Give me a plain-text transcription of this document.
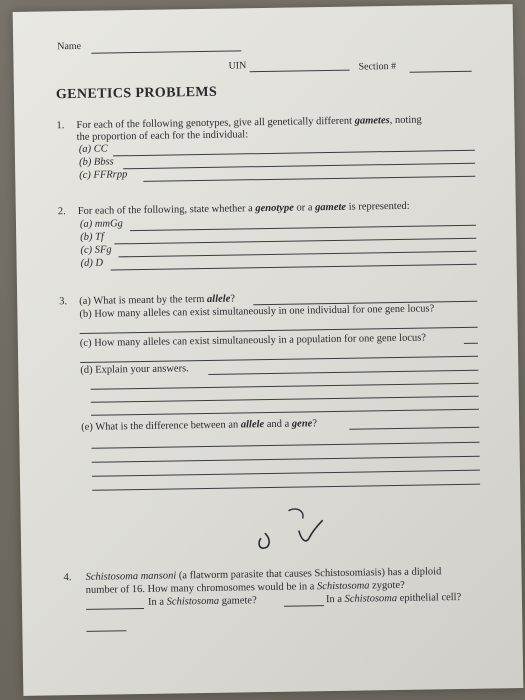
Name
UIN	Section #
GENETICS PROBLEMS
1. For each of the following genotypes, give all genetically different gametes, noting
the proportion of each for the individual:
(a) CC
(b) Bbss
(c) FFRrpp
2. For each of the following, state whether a genotype or a gamete is represented:
(a) mmGg
(b) Tf
(c) SFg
(d) D
3. (a) What is meant by the term allele?
(b) How many alleles can exist simultaneously in one individual for one gene locus?
(c) How many alleles can exist simultaneously in a population for one gene locus?
(d) Explain your answers.
(e) What is the difference between an allele and a gene?
4. Schistosoma mansoni (a flatworm parasite that causes Schistosomiasis) has a diploid
number of 16. How many chromosomes would be in a Schistosoma zygote?
In a Schistosoma gamete?	In a Schistosoma epithelial cell?
